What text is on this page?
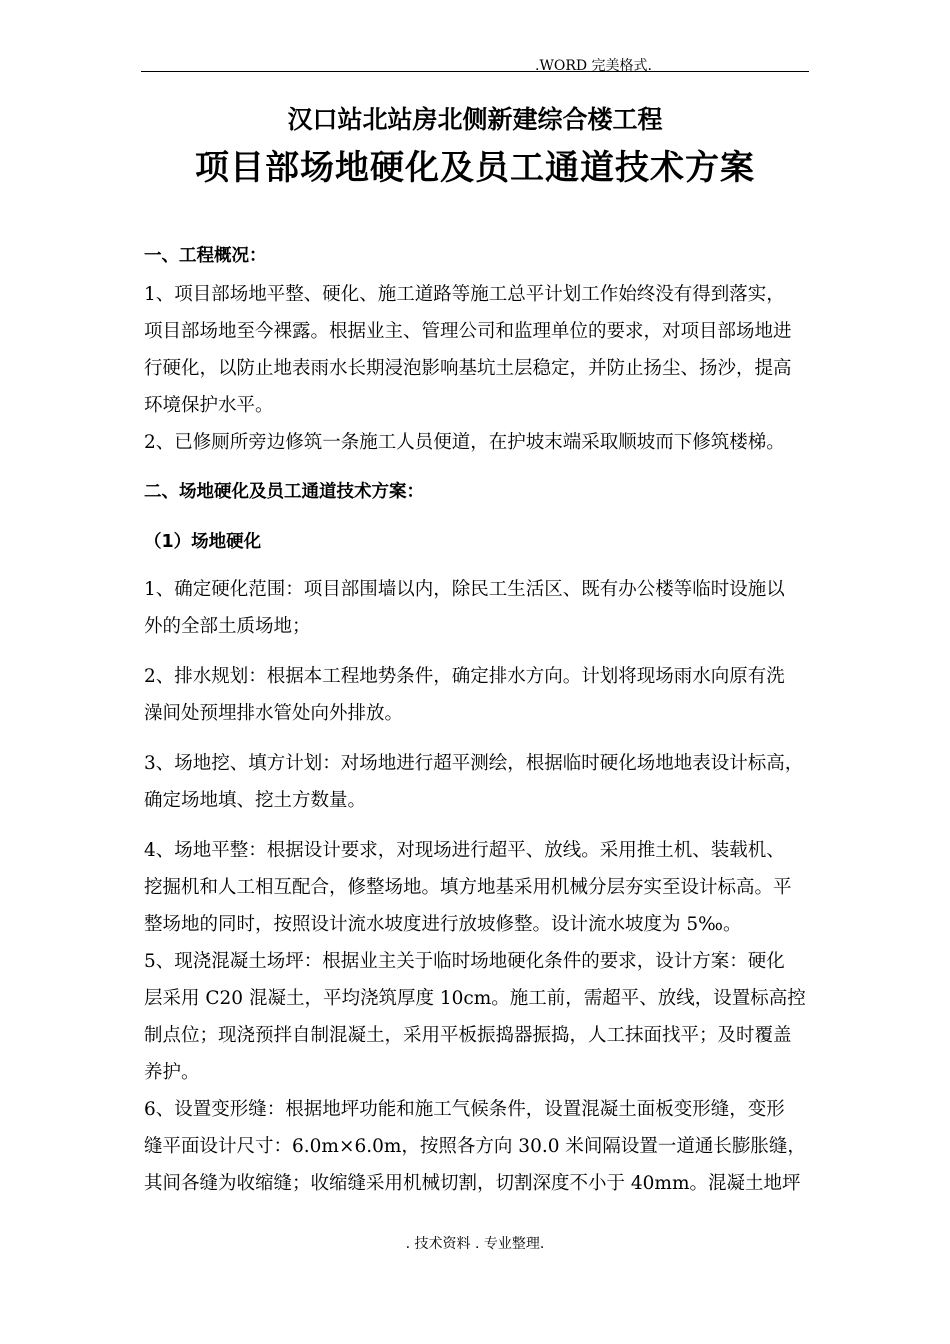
.WORD 完美格式.
汉口站北站房北侧新建综合楼工程
项目部场地硬化及员工通道技术方案
一、工程概况：
1、项目部场地平整、硬化、施工道路等施工总平计划工作始终没有得到落实，
项目部场地至今裸露。根据业主、管理公司和监理单位的要求，对项目部场地进
行硬化，以防止地表雨水长期浸泡影响基坑土层稳定，并防止扬尘、扬沙，提高
环境保护水平。
2、已修厕所旁边修筑一条施工人员便道，在护坡末端采取顺坡而下修筑楼梯。
二、场地硬化及员工通道技术方案：
（1）场地硬化
1、确定硬化范围：项目部围墙以内，除民工生活区、既有办公楼等临时设施以
外的全部土质场地；
2、排水规划：根据本工程地势条件，确定排水方向。计划将现场雨水向原有洗
澡间处预埋排水管处向外排放。
3、场地挖、填方计划：对场地进行超平测绘，根据临时硬化场地地表设计标高，
确定场地填、挖土方数量。
4、场地平整：根据设计要求，对现场进行超平、放线。采用推土机、装载机、
挖掘机和人工相互配合，修整场地。填方地基采用机械分层夯实至设计标高。平
整场地的同时，按照设计流水坡度进行放坡修整。设计流水坡度为 5‰。
5、现浇混凝土场坪：根据业主关于临时场地硬化条件的要求，设计方案：硬化
层采用 C20 混凝土，平均浇筑厚度 10cm。施工前，需超平、放线，设置标高控
制点位；现浇预拌自制混凝土，采用平板振捣器振捣，人工抹面找平；及时覆盖
养护。
6、设置变形缝：根据地坪功能和施工气候条件，设置混凝土面板变形缝，变形
缝平面设计尺寸：6.0m×6.0m，按照各方向 30.0 米间隔设置一道通长膨胀缝，
其间各缝为收缩缝；收缩缝采用机械切割，切割深度不小于 40mm。混凝土地坪
. 技术资料 . 专业整理.
